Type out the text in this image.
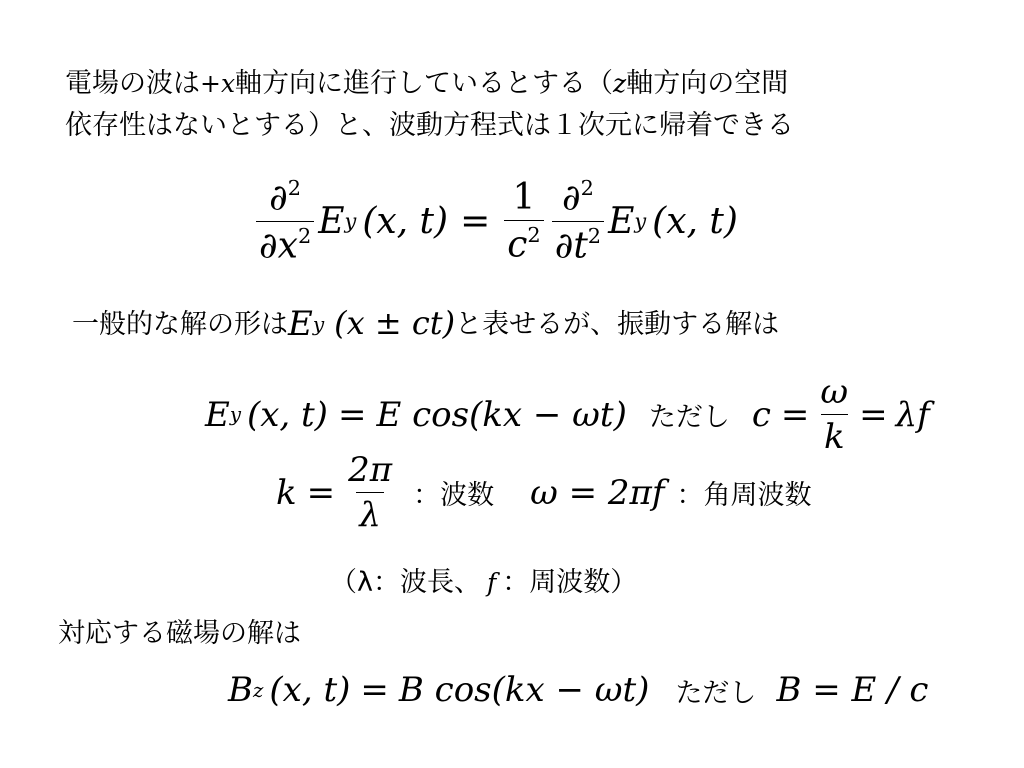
電場の波は+x軸方向に進行しているとする（z軸方向の空間
依存性はないとする）と、波動方程式は１次元に帰着できる
$\frac{\partial^2}{\partial x^2}$ E y (x, $t) = \frac{1}{c^2} \frac{\partial^2}{\partial t^2}$ E y (x, t)
一般的な解の形は E y (x ± ct) と表せるが、振動する解は
E y (x, t) = E cos(kx − ωt) ただし $c = \frac{\omega}{k} = \lambda f$
$k = \frac{2\pi}{\lambda}$ ：波数 ω = 2πf ：角周波数
（λ：波長、 f ：周波数）
対応する磁場の解は
B z (x, t) = B cos(kx − ωt) ただし B = E / c
